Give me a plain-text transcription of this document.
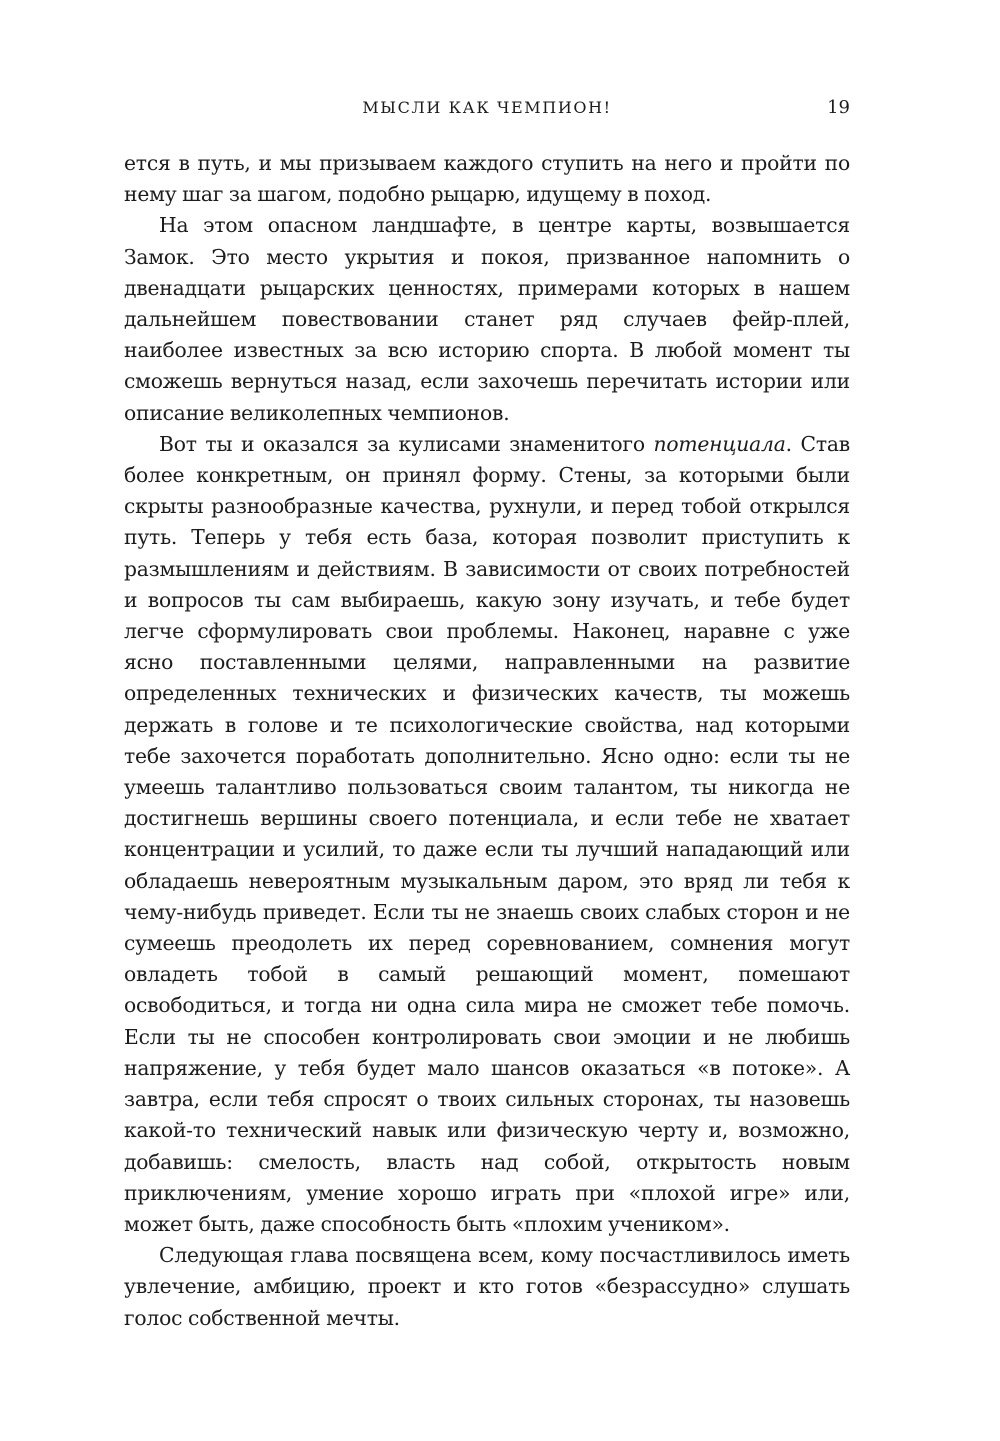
МЫСЛИ КАК ЧЕМПИОН!	19

ется в путь, и мы призываем каждого ступить на него и пройти по нему шаг за шагом, подобно рыцарю, идущему в поход.

На этом опасном ландшафте, в центре карты, возвышается Замок. Это место укрытия и покоя, призванное напомнить о двенадцати рыцарских ценностях, примерами которых в нашем дальнейшем повествовании станет ряд случаев фейр-плей, наиболее известных за всю историю спорта. В любой момент ты сможешь вернуться назад, если захочешь перечитать истории или описание великолепных чемпионов.

Вот ты и оказался за кулисами знаменитого потенциала. Став более конкретным, он принял форму. Стены, за которыми были скрыты разнообразные качества, рухнули, и перед тобой открылся путь. Теперь у тебя есть база, которая позволит приступить к размышлениям и действиям. В зависимости от своих потребностей и вопросов ты сам выбираешь, какую зону изучать, и тебе будет легче сформулировать свои проблемы. Наконец, наравне с уже ясно поставленными целями, направленными на развитие определенных технических и физических качеств, ты можешь держать в голове и те психологические свойства, над которыми тебе захочется поработать дополнительно. Ясно одно: если ты не умеешь талантливо пользоваться своим талантом, ты никогда не достигнешь вершины своего потенциала, и если тебе не хватает концентрации и усилий, то даже если ты лучший нападающий или обладаешь невероятным музыкальным даром, это вряд ли тебя к чему-нибудь приведет. Если ты не знаешь своих слабых сторон и не сумеешь преодолеть их перед соревнованием, сомнения могут овладеть тобой в самый решающий момент, помешают освободиться, и тогда ни одна сила мира не сможет тебе помочь. Если ты не способен контролировать свои эмоции и не любишь напряжение, у тебя будет мало шансов оказаться «в потоке». А завтра, если тебя спросят о твоих сильных сторонах, ты назовешь какой-то технический навык или физическую черту и, возможно, добавишь: смелость, власть над собой, открытость новым приключениям, умение хорошо играть при «плохой игре» или, может быть, даже способность быть «плохим учеником».

Следующая глава посвящена всем, кому посчастливилось иметь увлечение, амбицию, проект и кто готов «безрассудно» слушать голос собственной мечты.
